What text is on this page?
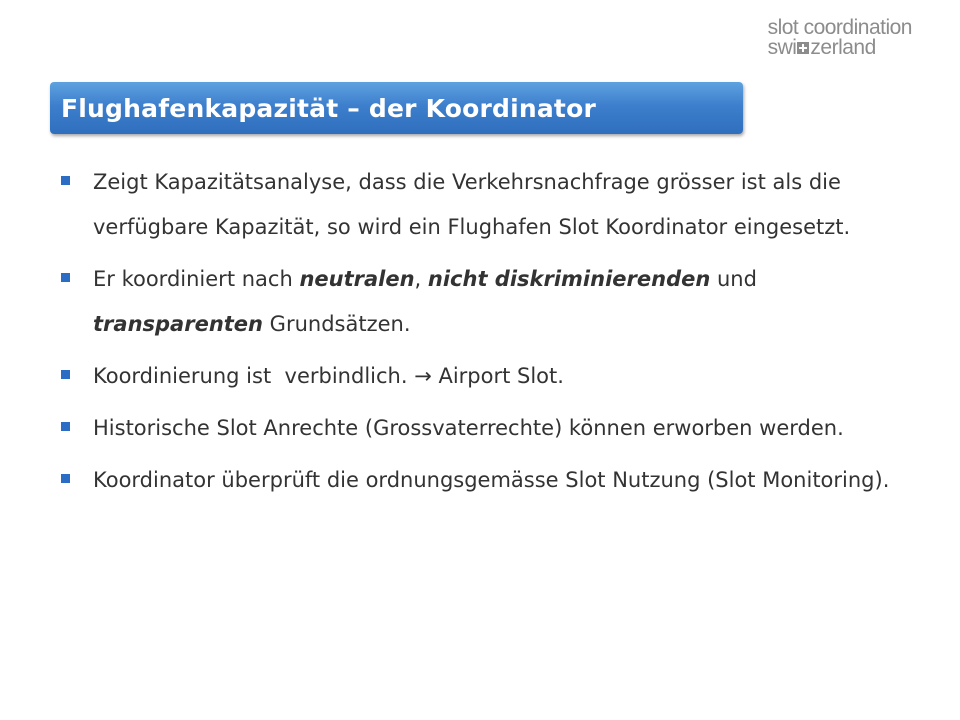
slot coordination
swi zerland
Flughafenkapazität – der Koordinator
Zeigt Kapazitätsanalyse, dass die Verkehrsnachfrage grösser ist als die verfügbare Kapazität, so wird ein Flughafen Slot Koordinator eingesetzt.
Er koordiniert nach neutralen, nicht diskriminierenden und transparenten Grundsätzen.
Koordinierung ist  verbindlich. → Airport Slot.
Historische Slot Anrechte (Grossvaterrechte) können erworben werden.
Koordinator überprüft die ordnungsgemässe Slot Nutzung (Slot Monitoring).
